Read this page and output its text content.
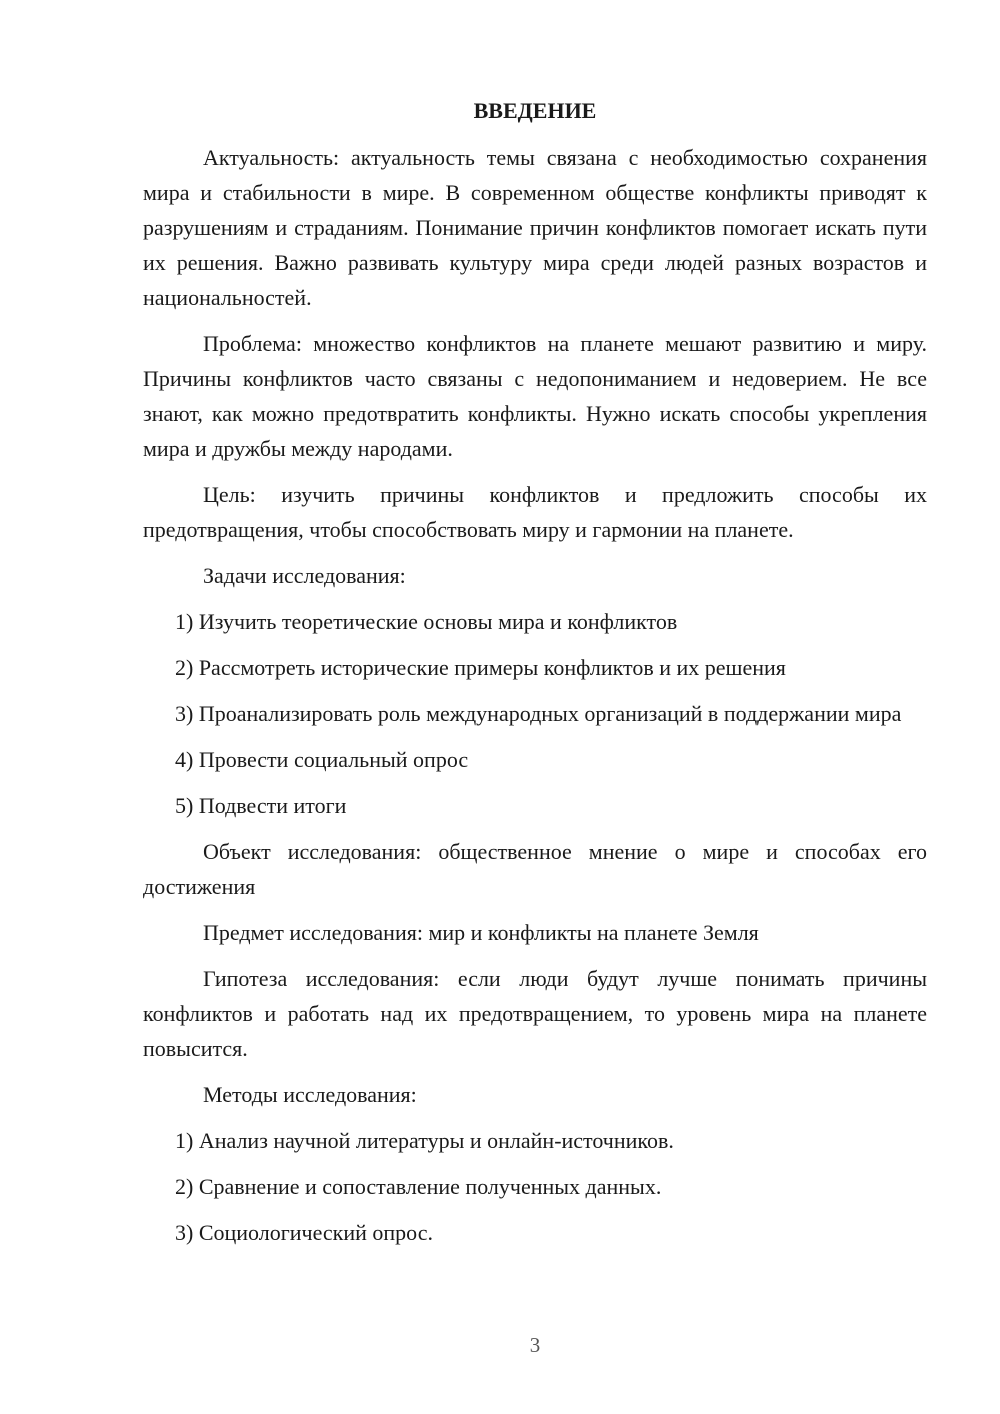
ВВЕДЕНИЕ

Актуальность: актуальность темы связана с необходимостью сохранения мира и стабильности в мире. В современном обществе конфликты приводят к разрушениям и страданиям. Понимание причин конфликтов помогает искать пути их решения. Важно развивать культуру мира среди людей разных возрастов и национальностей.

Проблема: множество конфликтов на планете мешают развитию и миру. Причины конфликтов часто связаны с недопониманием и недоверием. Не все знают, как можно предотвратить конфликты. Нужно искать способы укрепления мира и дружбы между народами.

Цель: изучить причины конфликтов и предложить способы их предотвращения, чтобы способствовать миру и гармонии на планете.

Задачи исследования:

1) Изучить теоретические основы мира и конфликтов

2) Рассмотреть исторические примеры конфликтов и их решения

3) Проанализировать роль международных организаций в поддержании мира

4) Провести социальный опрос

5) Подвести итоги

Объект исследования: общественное мнение о мире и способах его достижения

Предмет исследования: мир и конфликты на планете Земля

Гипотеза исследования: если люди будут лучше понимать причины конфликтов и работать над их предотвращением, то уровень мира на планете повысится.

Методы исследования:

1) Анализ научной литературы и онлайн-источников.

2) Сравнение и сопоставление полученных данных.

3) Социологический опрос.

3
